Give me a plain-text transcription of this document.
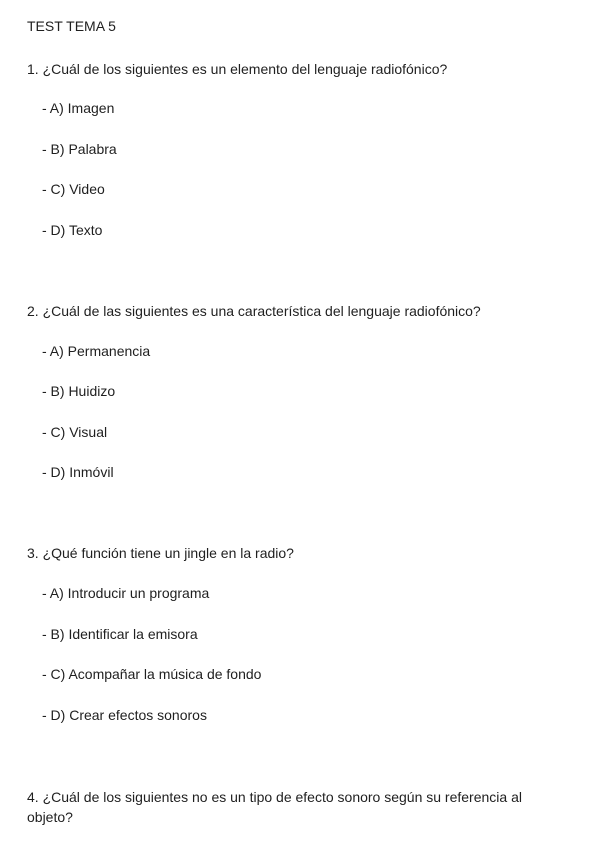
TEST TEMA 5
1. ¿Cuál de los siguientes es un elemento del lenguaje radiofónico?
- A) Imagen
- B) Palabra
- C) Video
- D) Texto
2. ¿Cuál de las siguientes es una característica del lenguaje radiofónico?
- A) Permanencia
- B) Huidizo
- C) Visual
- D) Inmóvil
3. ¿Qué función tiene un jingle en la radio?
- A) Introducir un programa
- B) Identificar la emisora
- C) Acompañar la música de fondo
- D) Crear efectos sonoros
4. ¿Cuál de los siguientes no es un tipo de efecto sonoro según su referencia al objeto?
